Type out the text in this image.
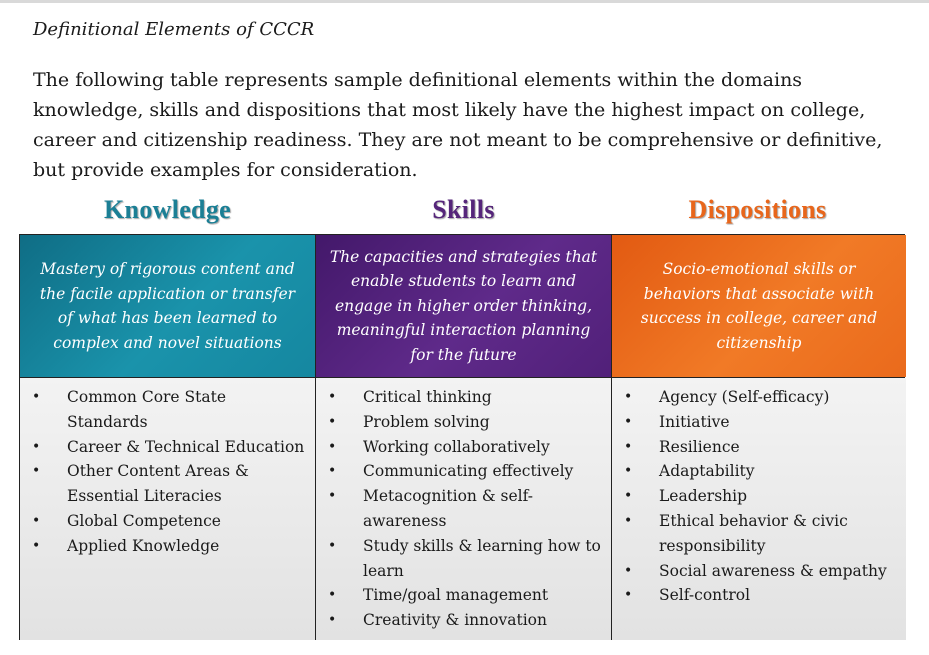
Definitional Elements of CCCR

The following table represents sample definitional elements within the domains knowledge, skills and dispositions that most likely have the highest impact on college, career and citizenship readiness. They are not meant to be comprehensive or definitive, but provide examples for consideration.

Knowledge	Skills	Dispositions
Mastery of rigorous content and the facile application or transfer of what has been learned to complex and novel situations
The capacities and strategies that enable students to learn and engage in higher order thinking, meaningful interaction planning for the future
Socio-emotional skills or behaviors that associate with success in college, career and citizenship
• Common Core State Standards
• Career & Technical Education
• Other Content Areas & Essential Literacies
• Global Competence
• Applied Knowledge
• Critical thinking
• Problem solving
• Working collaboratively
• Communicating effectively
• Metacognition & self-awareness
• Study skills & learning how to learn
• Time/goal management
• Creativity & innovation
• Agency (Self-efficacy)
• Initiative
• Resilience
• Adaptability
• Leadership
• Ethical behavior & civic responsibility
• Social awareness & empathy
• Self-control
